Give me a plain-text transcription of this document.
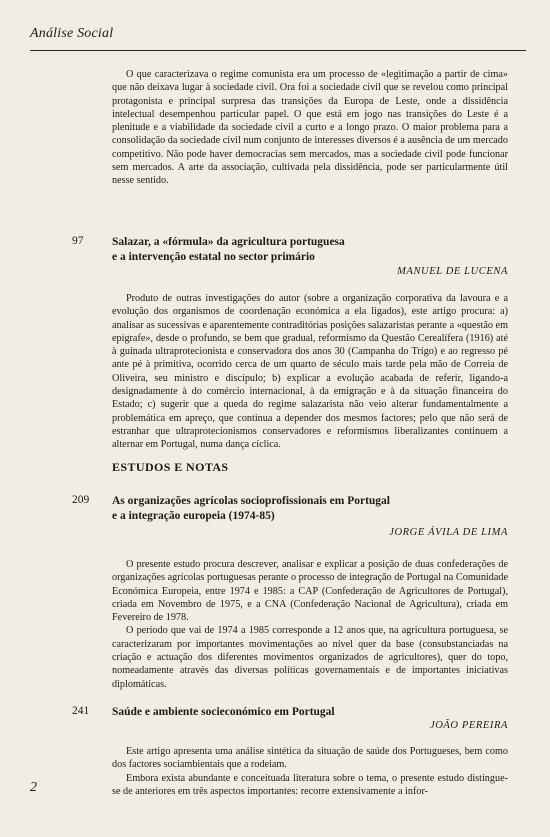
Análise Social

O que caracterizava o regime comunista era um processo de «legitimação a partir de cima» que não deixava lugar à sociedade civil. Ora foi a sociedade civil que se revelou como principal protagonista e principal surpresa das transições da Europa de Leste, onde a dissidência intelectual desempenhou particular papel. O que está em jogo nas transições do Leste é a plenitude e a viabilidade da sociedade civil a curto e a longo prazo. O maior problema para a consolidação da sociedade civil num conjunto de interesses diversos é a ausência de um mercado competitivo. Não pode haver democracias sem mercados, mas a sociedade civil pode funcionar sem mercados. A arte da associação, cultivada pela dissidência, pode ser particularmente útil nesse sentido.

97 Salazar, a «fórmula» da agricultura portuguesa
e a intervenção estatal no sector primário
MANUEL DE LUCENA

Produto de outras investigações do autor (sobre a organização corporativa da lavoura e a evolução dos organismos de coordenação económica a ela ligados), este artigo procura: a) analisar as sucessivas e aparentemente contraditórias posições salazaristas perante a «questão em epígrafe», desde o profundo, se bem que gradual, reformismo da Questão Cerealífera (1916) até à guinada ultraprotecionista e conservadora dos anos 30 (Campanha do Trigo) e ao regresso pé ante pé à primitiva, ocorrido cerca de um quarto de século mais tarde pela mão de Correia de Oliveira, seu ministro e discípulo; b) explicar a evolução acabada de referir, ligando-a designadamente à do comércio internacional, à da emigração e à da situação financeira do Estado; c) sugerir que a queda do regime salazarista não veio alterar fundamentalmente a problemática em apreço, que continua a depender dos mesmos factores; pelo que não será de estranhar que ultraprotecionismos conservadores e reformismos liberalizantes continuem a alternar em Portugal, numa dança cíclica.

ESTUDOS E NOTAS
209 As organizações agrícolas socioprofissionais em Portugal
e a integração europeia (1974-85)
JORGE ÁVILA DE LIMA

O presente estudo procura descrever, analisar e explicar a posição de duas confederações de organizações agrícolas portuguesas perante o processo de integração de Portugal na Comunidade Económica Europeia, entre 1974 e 1985: a CAP (Confederação de Agricultores de Portugal), criada em Novembro de 1975, e a CNA (Confederação Nacional de Agricultura), criada em Fevereiro de 1978.

O período que vai de 1974 a 1985 corresponde a 12 anos que, na agricultura portuguesa, se caracterizaram por importantes movimentações ao nível quer da base (consubstanciadas na criação e actuação dos diferentes movimentos organizados de agricultores), quer do topo, nomeadamente através das diversas políticas governamentais e de importantes iniciativas diplomáticas.

241 Saúde e ambiente socieconómico em Portugal
JOÃO PEREIRA

Este artigo apresenta uma análise sintética da situação de saúde dos Portugueses, bem como dos factores sociambientais que a rodeiam.

Embora exista abundante e conceituada literatura sobre o tema, o presente estudo distingue-se de anteriores em três aspectos importantes: recorre extensivamente a infor-

2
